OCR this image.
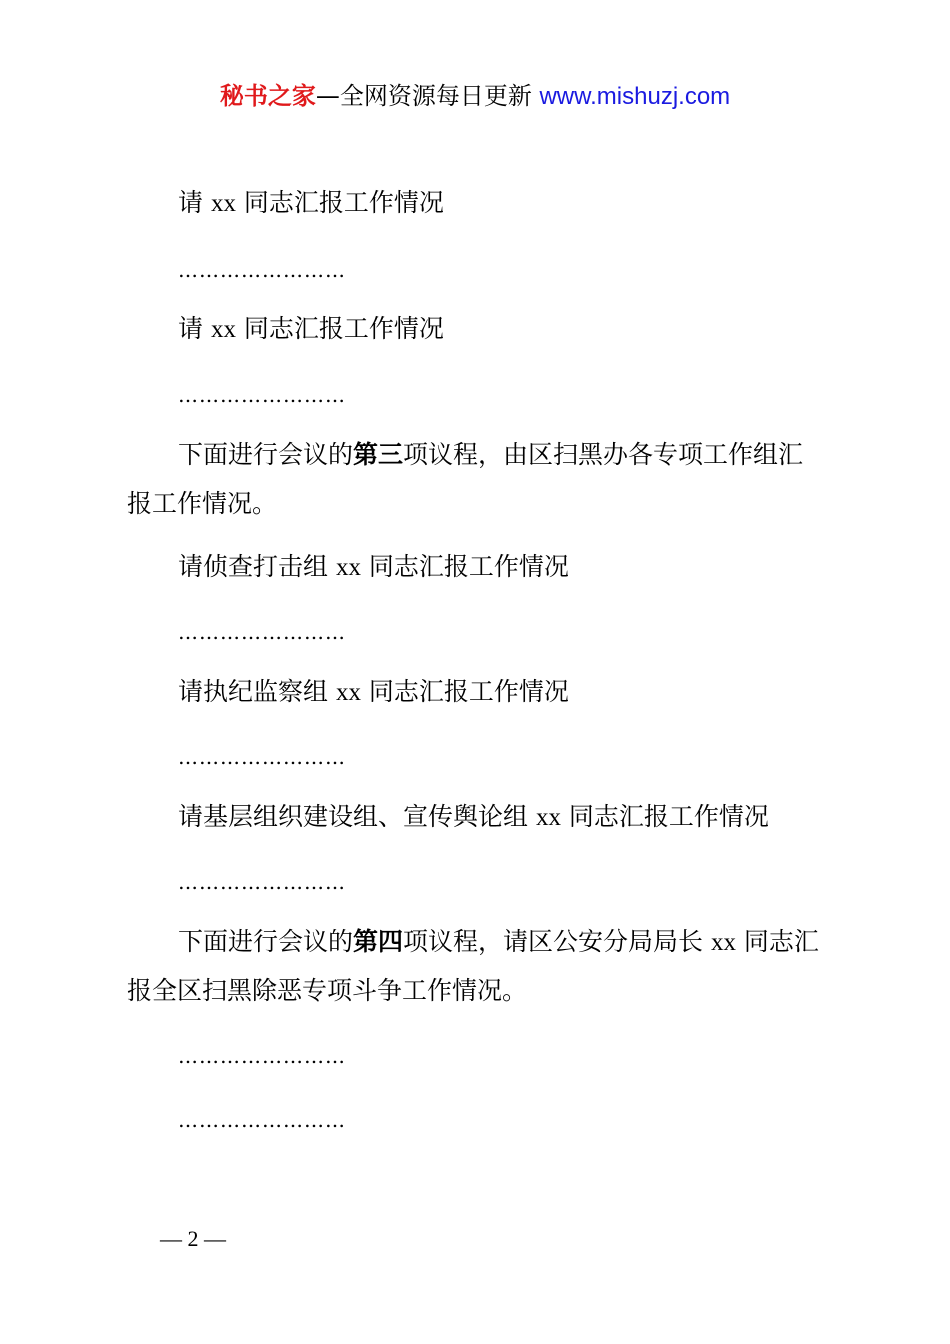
秘书之家—全网资源每日更新 www.mishuzj.com
请 xx 同志汇报工作情况
……………………
请 xx 同志汇报工作情况
……………………
下面进行会议的第三项议程，由区扫黑办各专项工作组汇
报工作情况。
请侦查打击组 xx 同志汇报工作情况
……………………
请执纪监察组 xx 同志汇报工作情况
……………………
请基层组织建设组、宣传舆论组 xx 同志汇报工作情况
……………………
下面进行会议的第四项议程，请区公安分局局长 xx 同志汇
报全区扫黑除恶专项斗争工作情况。
……………………
……………………
— 2 —
